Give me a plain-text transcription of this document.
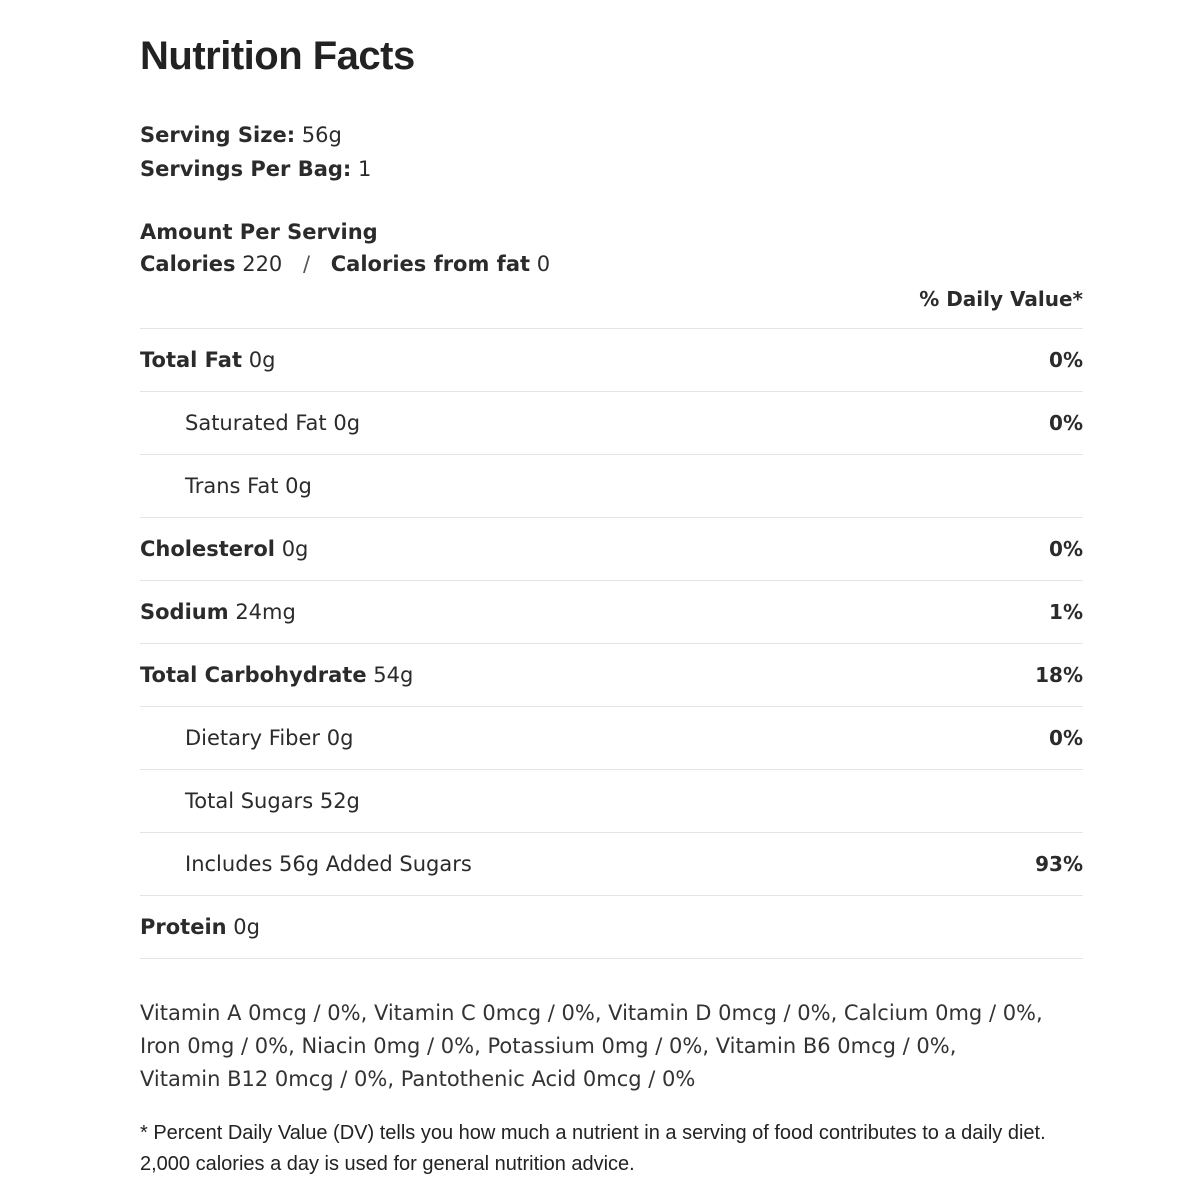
Nutrition Facts
Serving Size: 56g
Servings Per Bag: 1
Amount Per Serving
Calories 220 / Calories from fat 0
% Daily Value*
Total Fat 0g	0%
Saturated Fat 0g	0%
Trans Fat 0g
Cholesterol 0g	0%
Sodium 24mg	1%
Total Carbohydrate 54g	18%
Dietary Fiber 0g	0%
Total Sugars 52g
Includes 56g Added Sugars	93%
Protein 0g
Vitamin A 0mcg / 0%, Vitamin C 0mcg / 0%, Vitamin D 0mcg / 0%, Calcium 0mg / 0%,
Iron 0mg / 0%, Niacin 0mg / 0%, Potassium 0mg / 0%, Vitamin B6 0mcg / 0%,
Vitamin B12 0mcg / 0%, Pantothenic Acid 0mcg / 0%
* Percent Daily Value (DV) tells you how much a nutrient in a serving of food contributes to a daily diet.
2,000 calories a day is used for general nutrition advice.
